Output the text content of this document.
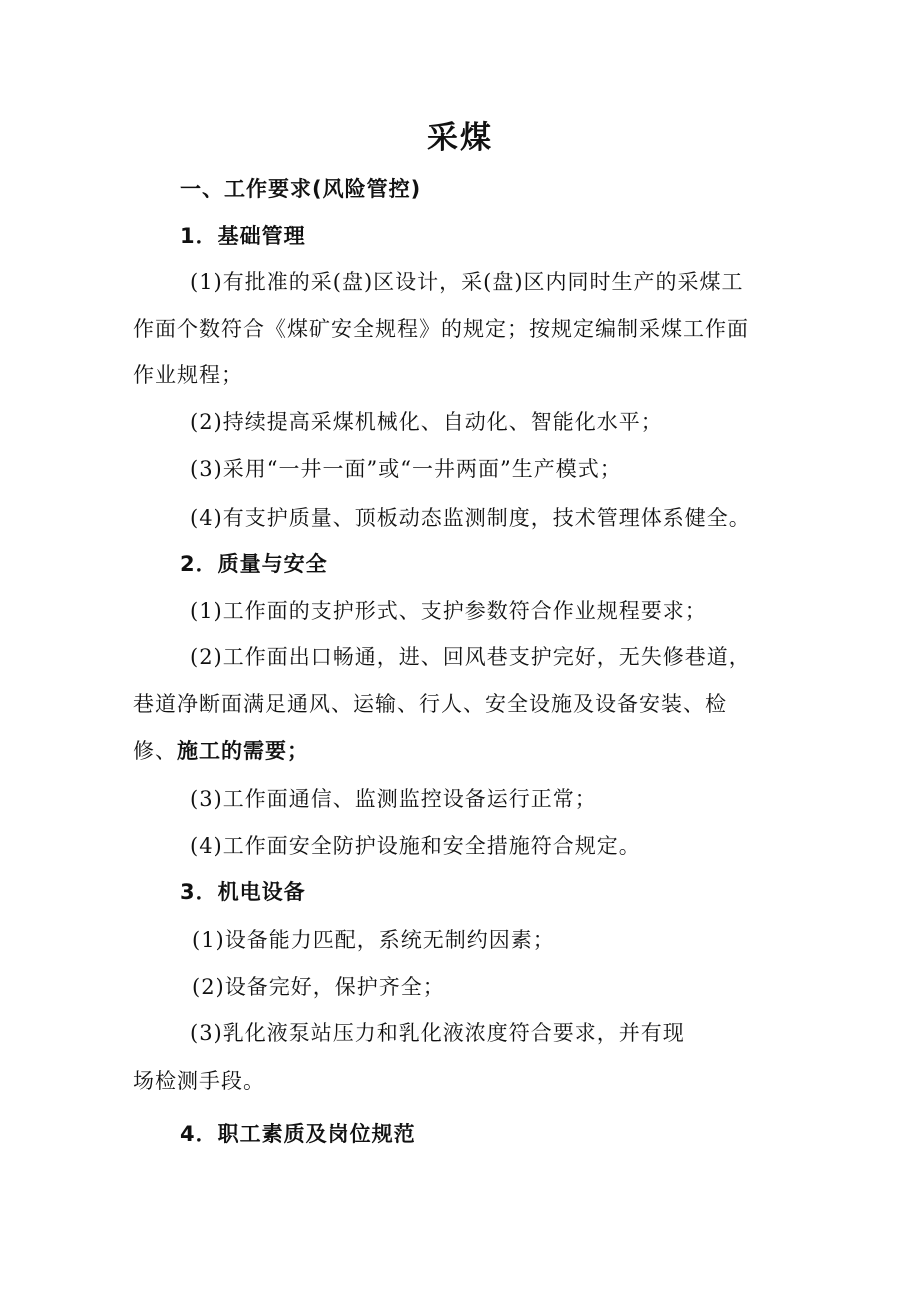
采煤
一、工作要求(风险管控)
1．基础管理
(1)有批准的采(盘)区设计，采(盘)区内同时生产的采煤工
作面个数符合《煤矿安全规程》的规定；按规定编制采煤工作面
作业规程；
(2)持续提高采煤机械化、自动化、智能化水平；
(3)采用“一井一面”或“一井两面”生产模式；
(4)有支护质量、顶板动态监测制度，技术管理体系健全。
2．质量与安全
(1)工作面的支护形式、支护参数符合作业规程要求；
(2)工作面出口畅通，进、回风巷支护完好，无失修巷道，
巷道净断面满足通风、运输、行人、安全设施及设备安装、检
修、施工的需要；
(3)工作面通信、监测监控设备运行正常；
(4)工作面安全防护设施和安全措施符合规定。
3．机电设备
(1)设备能力匹配，系统无制约因素；
(2)设备完好，保护齐全；
(3)乳化液泵站压力和乳化液浓度符合要求，并有现
场检测手段。
4．职工素质及岗位规范
